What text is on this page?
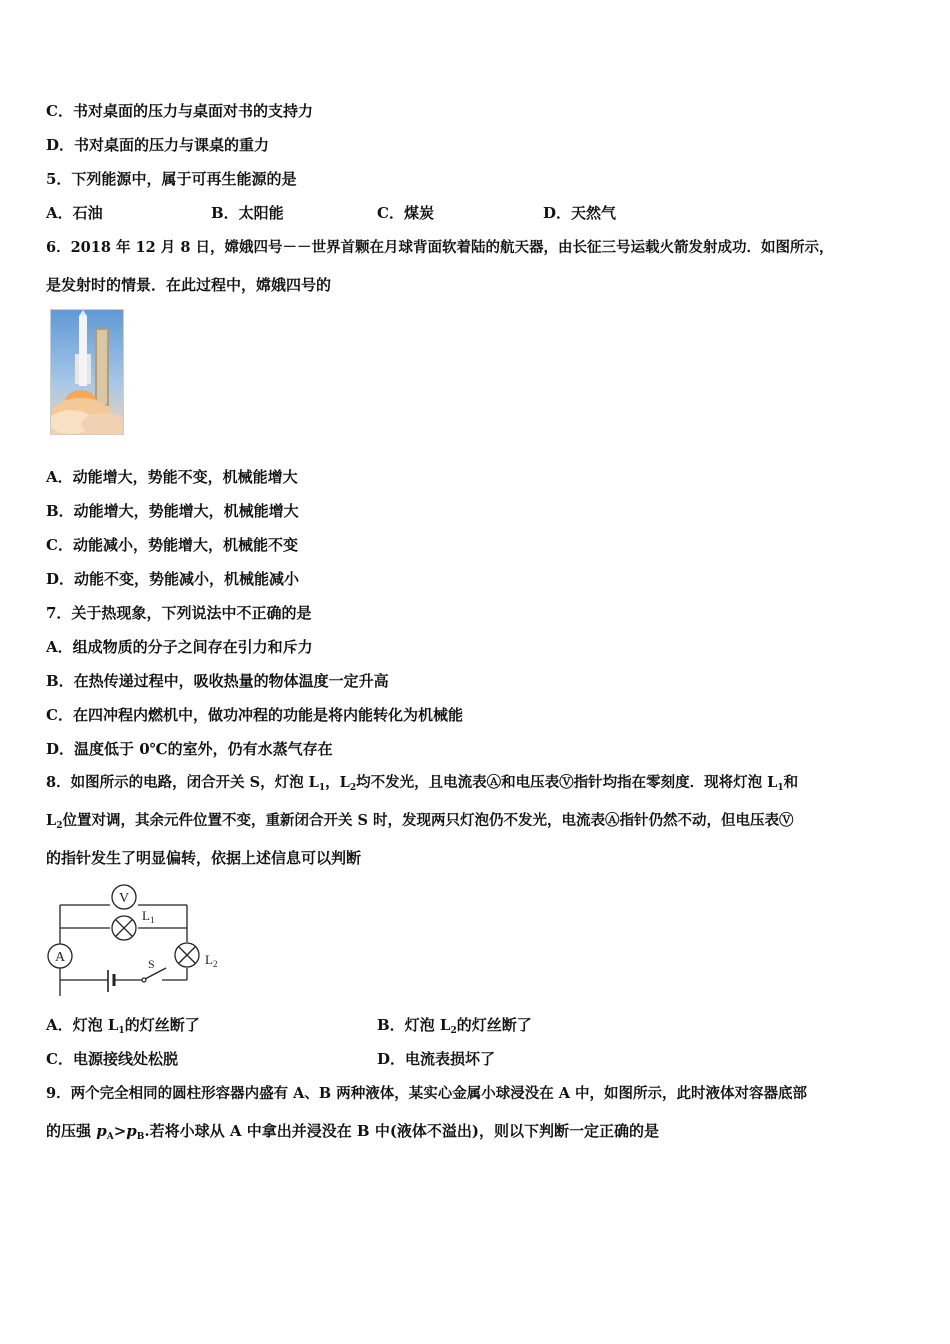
C．书对桌面的压力与桌面对书的支持力
D．书对桌面的压力与课桌的重力
5．下列能源中，属于可再生能源的是
A．石油	B．太阳能	C．煤炭	D．天然气
6．2018 年 12 月 8 日，嫦娥四号－－世界首颗在月球背面软着陆的航天器，由长征三号运载火箭发射成功．如图所示，
是发射时的情景．在此过程中，嫦娥四号的
A．动能增大，势能不变，机械能增大
B．动能增大，势能增大，机械能增大
C．动能减小，势能增大，机械能不变
D．动能不变，势能减小，机械能减小
7．关于热现象，下列说法中不正确的是
A．组成物质的分子之间存在引力和斥力
B．在热传递过程中，吸收热量的物体温度一定升高
C．在四冲程内燃机中，做功冲程的功能是将内能转化为机械能
D．温度低于 0℃的室外，仍有水蒸气存在
8．如图所示的电路，闭合开关 S，灯泡 $L_1$，$L_2$均不发光，且电流表Ⓐ和电压表Ⓥ指针均指在零刻度．现将灯泡 $L_1$和
$L_2$位置对调，其余元件位置不变，重新闭合开关 S 时，发现两只灯泡仍不发光，电流表Ⓐ指针仍然不动，但电压表Ⓥ
的指针发生了明显偏转，依据上述信息可以判断
V
$L_1$
A	$L_2$
S
A．灯泡 $L_1$的灯丝断了	B．灯泡 $L_2$的灯丝断了
C．电源接线处松脱	D．电流表损坏了
9．两个完全相同的圆柱形容器内盛有 A、B 两种液体，某实心金属小球浸没在 A 中，如图所示，此时液体对容器底部
的压强 $p_A>p_B$.若将小球从 A 中拿出并浸没在 B 中(液体不溢出)，则以下判断一定正确的是
